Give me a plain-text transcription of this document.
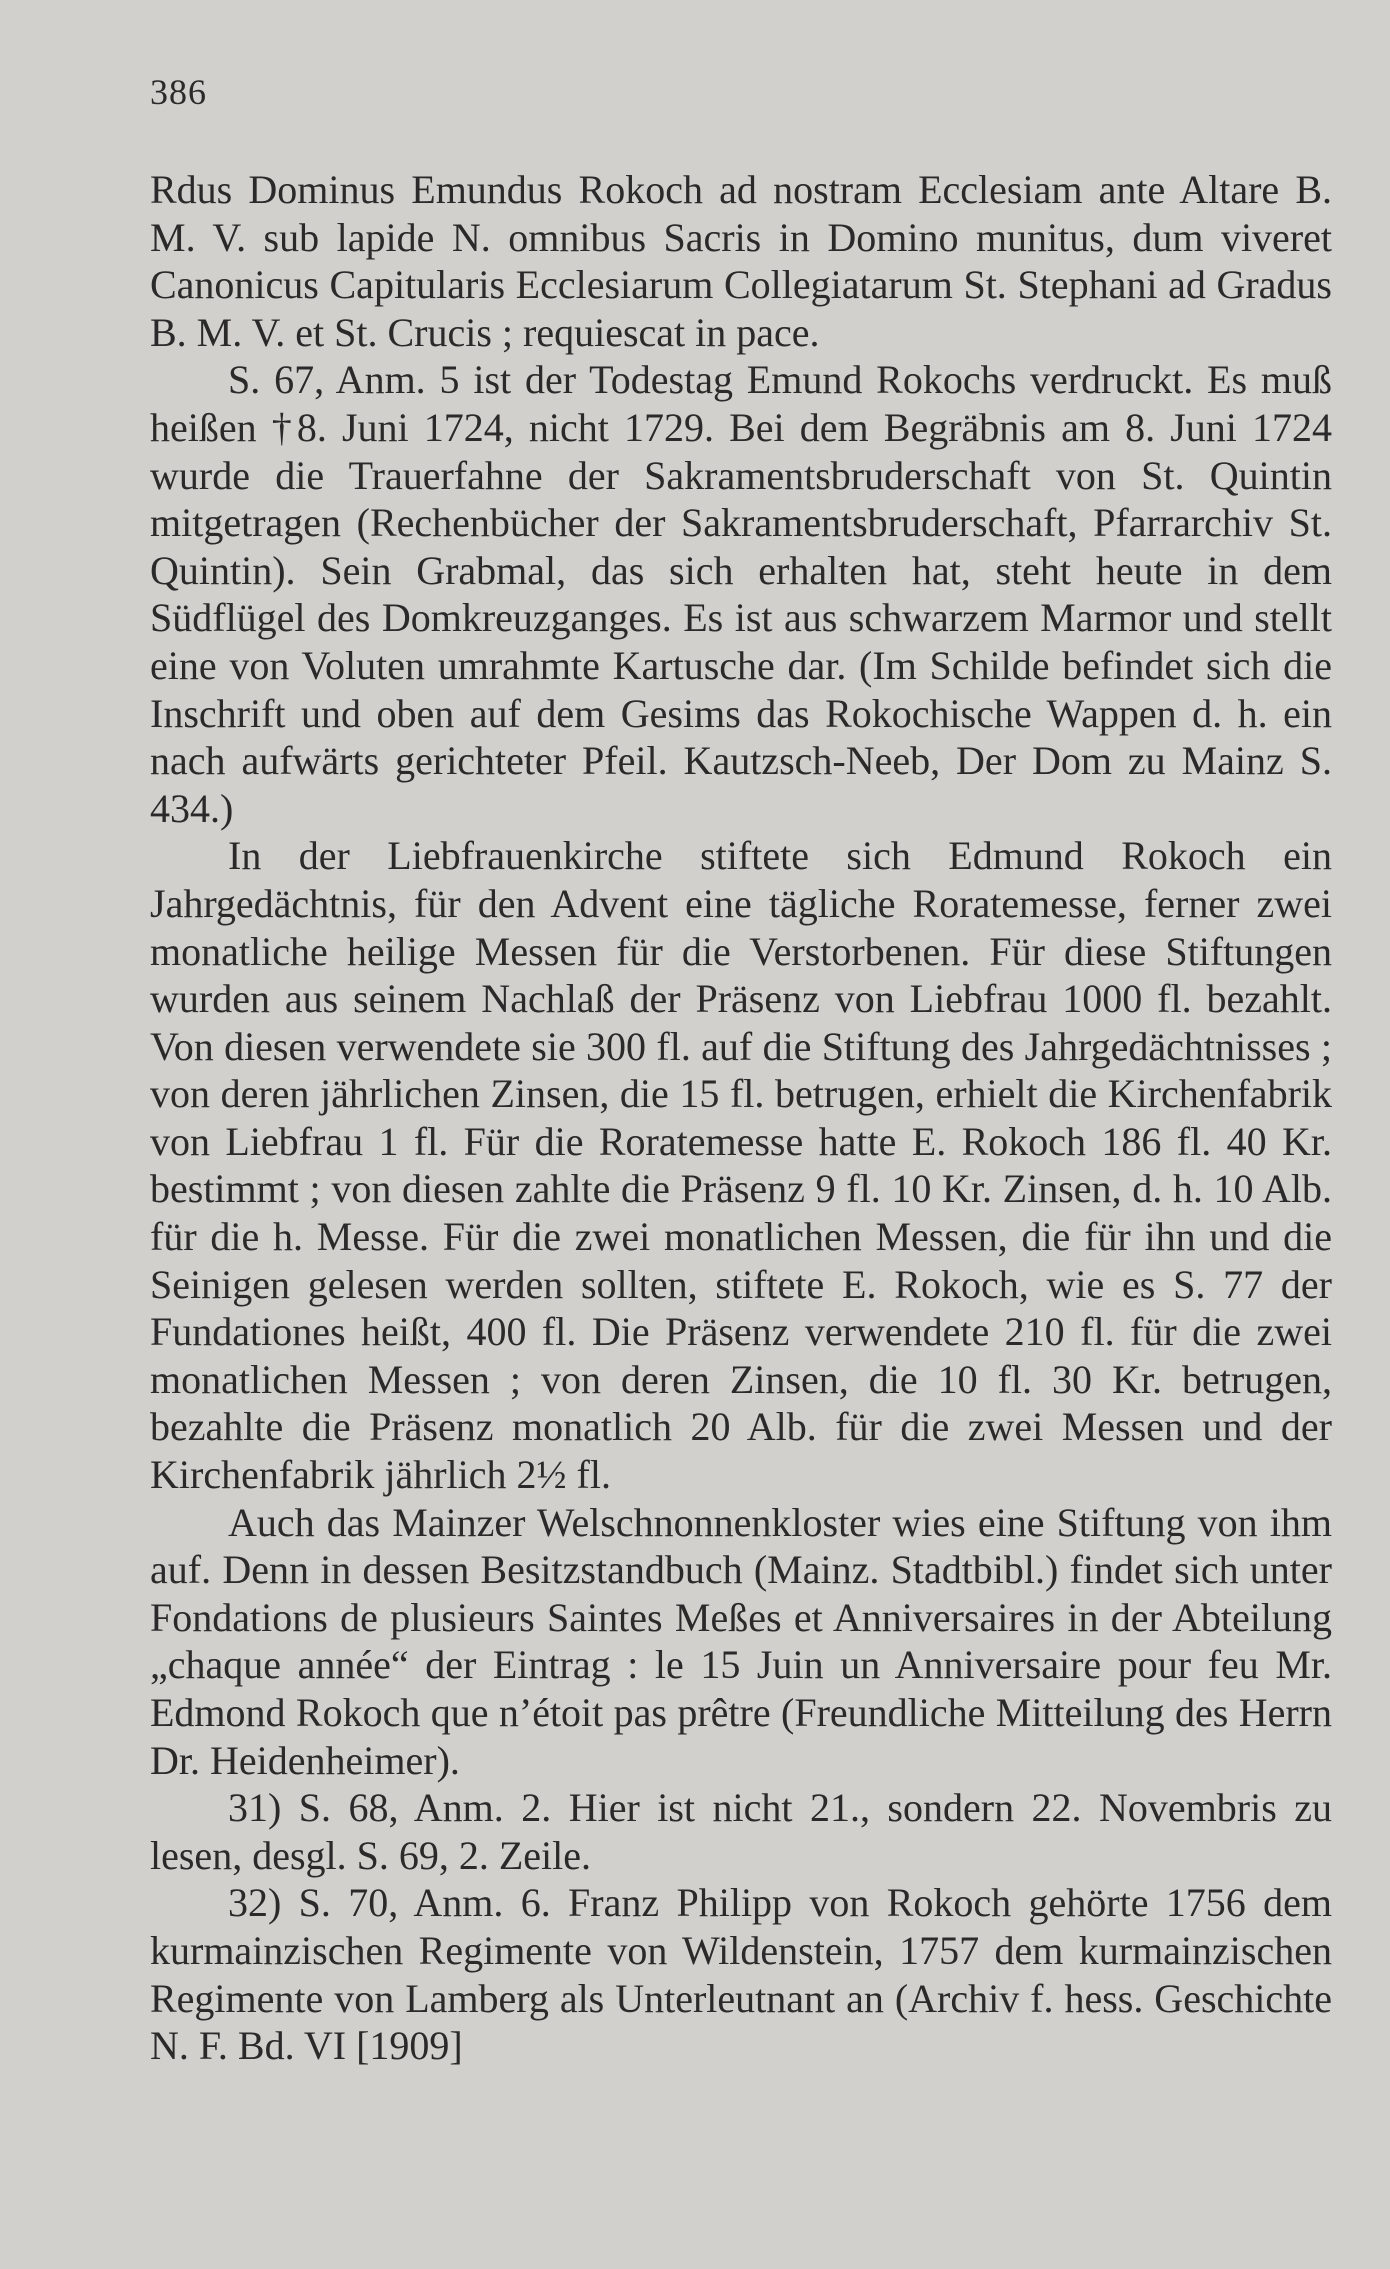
386

Rdus Dominus Emundus Rokoch ad nostram Ecclesiam ante Altare B. M. V. sub lapide N. omnibus Sacris in Domino munitus, dum viveret Canonicus Capitularis Ecclesiarum Collegiatarum St. Stephani ad Gradus B. M. V. et St. Crucis ; requiescat in pace.

S. 67, Anm. 5 ist der Todestag Emund Rokochs verdruckt. Es muß heißen †8. Juni 1724, nicht 1729. Bei dem Begräbnis am 8. Juni 1724 wurde die Trauerfahne der Sakramentsbruderschaft von St. Quintin mitgetragen (Rechenbücher der Sakramentsbruderschaft, Pfarrarchiv St. Quintin). Sein Grabmal, das sich erhalten hat, steht heute in dem Südflügel des Domkreuzganges. Es ist aus schwarzem Marmor und stellt eine von Voluten umrahmte Kartusche dar. (Im Schilde befindet sich die Inschrift und oben auf dem Gesims das Rokochische Wappen d. h. ein nach aufwärts gerichteter Pfeil. Kautzsch-Neeb, Der Dom zu Mainz S. 434.)

In der Liebfrauenkirche stiftete sich Edmund Rokoch ein Jahrgedächtnis, für den Advent eine tägliche Roratemesse, ferner zwei monatliche heilige Messen für die Verstorbenen. Für diese Stiftungen wurden aus seinem Nachlaß der Präsenz von Liebfrau 1000 fl. bezahlt. Von diesen verwendete sie 300 fl. auf die Stiftung des Jahrgedächtnisses ; von deren jährlichen Zinsen, die 15 fl. betrugen, erhielt die Kirchenfabrik von Liebfrau 1 fl. Für die Roratemesse hatte E. Rokoch 186 fl. 40 Kr. bestimmt ; von diesen zahlte die Präsenz 9 fl. 10 Kr. Zinsen, d. h. 10 Alb. für die h. Messe. Für die zwei monatlichen Messen, die für ihn und die Seinigen gelesen werden sollten, stiftete E. Rokoch, wie es S. 77 der Fundationes heißt, 400 fl. Die Präsenz verwendete 210 fl. für die zwei monatlichen Messen ; von deren Zinsen, die 10 fl. 30 Kr. betrugen, bezahlte die Präsenz monatlich 20 Alb. für die zwei Messen und der Kirchenfabrik jährlich 2½ fl.

Auch das Mainzer Welschnonnenkloster wies eine Stiftung von ihm auf. Denn in dessen Besitzstandbuch (Mainz. Stadtbibl.) findet sich unter Fondations de plusieurs Saintes Meßes et Anniversaires in der Abteilung „chaque année“ der Eintrag : le 15 Juin un Anniversaire pour feu Mr. Edmond Rokoch que n’étoit pas prêtre (Freundliche Mitteilung des Herrn Dr. Heidenheimer).

31) S. 68, Anm. 2. Hier ist nicht 21., sondern 22. Novembris zu lesen, desgl. S. 69, 2. Zeile.

32) S. 70, Anm. 6. Franz Philipp von Rokoch gehörte 1756 dem kurmainzischen Regimente von Wildenstein, 1757 dem kurmainzischen Regimente von Lamberg als Unterleutnant an (Archiv f. hess. Geschichte N. F. Bd. VI [1909]
